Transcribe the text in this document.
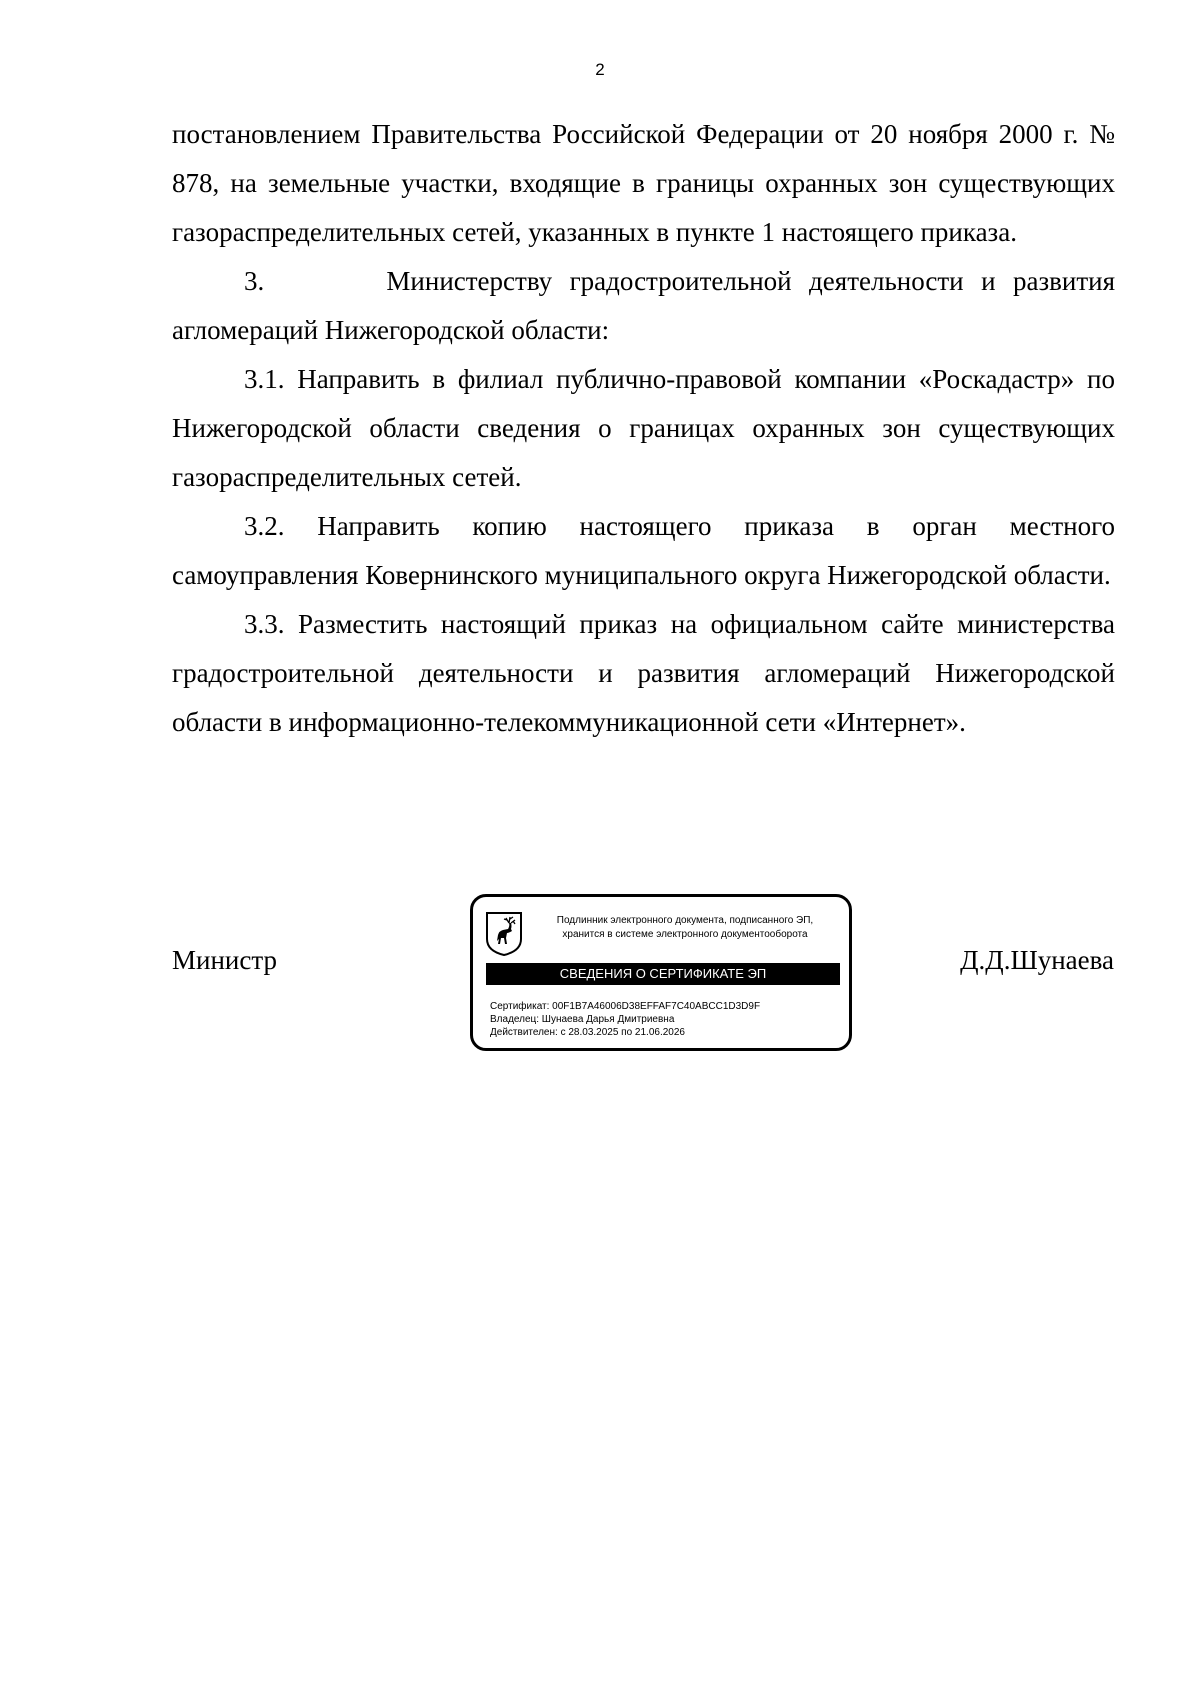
2

постановлением Правительства Российской Федерации от 20 ноября 2000 г. № 878, на земельные участки, входящие в границы охранных зон существующих газораспределительных сетей, указанных в пункте 1 настоящего приказа.

3.       Министерству градостроительной деятельности и развития агломераций Нижегородской области:

3.1. Направить в филиал публично-правовой компании «Роскадастр» по Нижегородской области сведения о границах охранных зон существующих газораспределительных сетей.

3.2. Направить копию настоящего приказа в орган местного самоуправления Ковернинского муниципального округа Нижегородской области.

3.3. Разместить настоящий приказ на официальном сайте министерства градостроительной деятельности и развития агломераций Нижегородской области в информационно-телекоммуникационной сети «Интернет».

Министр	Д.Д.Шунаева
Подлинник электронного документа, подписанного ЭП,
хранится в системе электронного документооборота
СВЕДЕНИЯ О СЕРТИФИКАТЕ ЭП
Сертификат: 00F1B7A46006D38EFFAF7C40ABCC1D3D9F
Владелец: Шунаева Дарья Дмитриевна
Действителен: с 28.03.2025 по 21.06.2026
